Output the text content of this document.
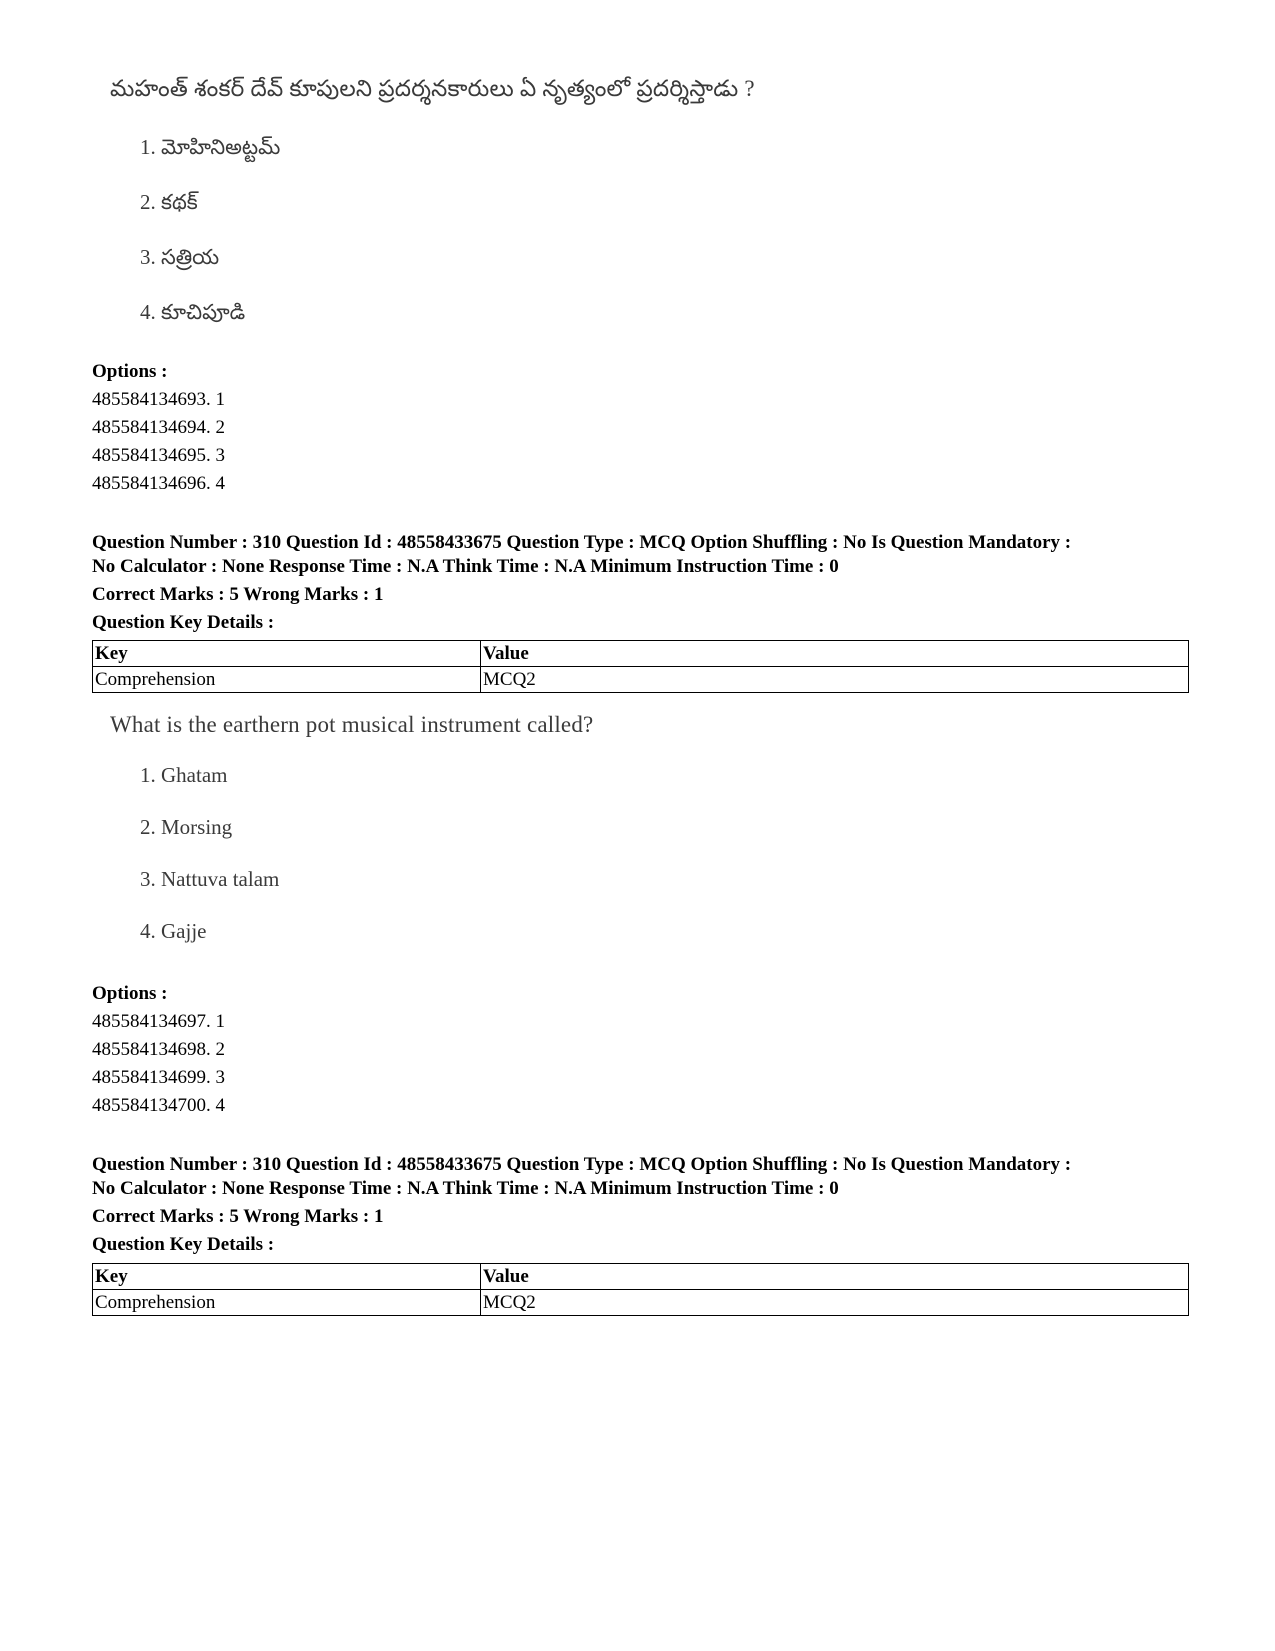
మహంత్ శంకర్ దేవ్ కూపులని ప్రదర్శనకారులు ఏ నృత్యంలో ప్రదర్శిస్తాడు ?
1. మోహినిఅట్టమ్
2. కథక్
3. సత్రియ
4. కూచిపూడి
Options :
485584134693. 1
485584134694. 2
485584134695. 3
485584134696. 4
Question Number : 310 Question Id : 48558433675 Question Type : MCQ Option Shuffling : No Is Question Mandatory :
No Calculator : None Response Time : N.A Think Time : N.A Minimum Instruction Time : 0
Correct Marks : 5 Wrong Marks : 1
Question Key Details :
Key	Value
Comprehension	MCQ2
What is the earthern pot musical instrument called?
1. Ghatam
2. Morsing
3. Nattuva talam
4. Gajje
Options :
485584134697. 1
485584134698. 2
485584134699. 3
485584134700. 4
Question Number : 310 Question Id : 48558433675 Question Type : MCQ Option Shuffling : No Is Question Mandatory :
No Calculator : None Response Time : N.A Think Time : N.A Minimum Instruction Time : 0
Correct Marks : 5 Wrong Marks : 1
Question Key Details :
Key	Value
Comprehension	MCQ2
